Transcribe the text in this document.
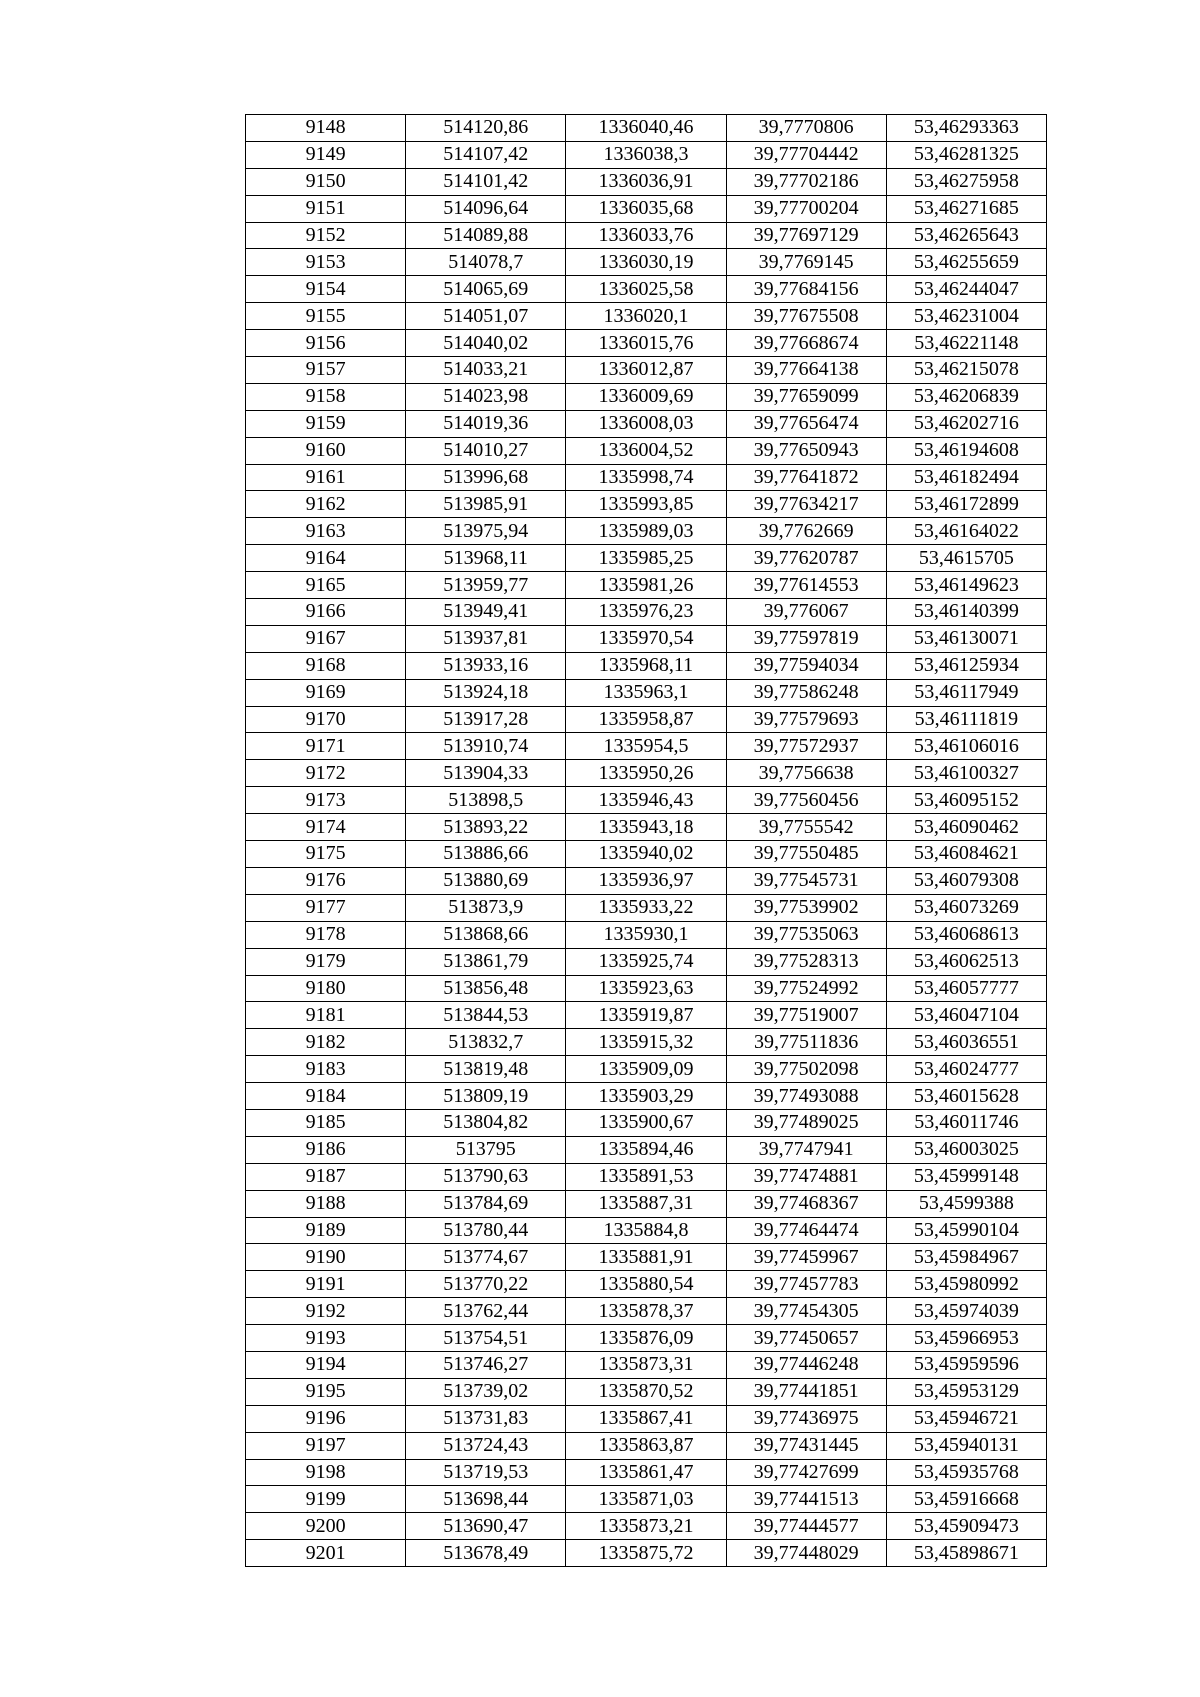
9148	514120,86	1336040,46	39,7770806	53,46293363
9149	514107,42	1336038,3	39,77704442	53,46281325
9150	514101,42	1336036,91	39,77702186	53,46275958
9151	514096,64	1336035,68	39,77700204	53,46271685
9152	514089,88	1336033,76	39,77697129	53,46265643
9153	514078,7	1336030,19	39,7769145	53,46255659
9154	514065,69	1336025,58	39,77684156	53,46244047
9155	514051,07	1336020,1	39,77675508	53,46231004
9156	514040,02	1336015,76	39,77668674	53,46221148
9157	514033,21	1336012,87	39,77664138	53,46215078
9158	514023,98	1336009,69	39,77659099	53,46206839
9159	514019,36	1336008,03	39,77656474	53,46202716
9160	514010,27	1336004,52	39,77650943	53,46194608
9161	513996,68	1335998,74	39,77641872	53,46182494
9162	513985,91	1335993,85	39,77634217	53,46172899
9163	513975,94	1335989,03	39,7762669	53,46164022
9164	513968,11	1335985,25	39,77620787	53,4615705
9165	513959,77	1335981,26	39,77614553	53,46149623
9166	513949,41	1335976,23	39,776067	53,46140399
9167	513937,81	1335970,54	39,77597819	53,46130071
9168	513933,16	1335968,11	39,77594034	53,46125934
9169	513924,18	1335963,1	39,77586248	53,46117949
9170	513917,28	1335958,87	39,77579693	53,46111819
9171	513910,74	1335954,5	39,77572937	53,46106016
9172	513904,33	1335950,26	39,7756638	53,46100327
9173	513898,5	1335946,43	39,77560456	53,46095152
9174	513893,22	1335943,18	39,7755542	53,46090462
9175	513886,66	1335940,02	39,77550485	53,46084621
9176	513880,69	1335936,97	39,77545731	53,46079308
9177	513873,9	1335933,22	39,77539902	53,46073269
9178	513868,66	1335930,1	39,77535063	53,46068613
9179	513861,79	1335925,74	39,77528313	53,46062513
9180	513856,48	1335923,63	39,77524992	53,46057777
9181	513844,53	1335919,87	39,77519007	53,46047104
9182	513832,7	1335915,32	39,77511836	53,46036551
9183	513819,48	1335909,09	39,77502098	53,46024777
9184	513809,19	1335903,29	39,77493088	53,46015628
9185	513804,82	1335900,67	39,77489025	53,46011746
9186	513795	1335894,46	39,7747941	53,46003025
9187	513790,63	1335891,53	39,77474881	53,45999148
9188	513784,69	1335887,31	39,77468367	53,4599388
9189	513780,44	1335884,8	39,77464474	53,45990104
9190	513774,67	1335881,91	39,77459967	53,45984967
9191	513770,22	1335880,54	39,77457783	53,45980992
9192	513762,44	1335878,37	39,77454305	53,45974039
9193	513754,51	1335876,09	39,77450657	53,45966953
9194	513746,27	1335873,31	39,77446248	53,45959596
9195	513739,02	1335870,52	39,77441851	53,45953129
9196	513731,83	1335867,41	39,77436975	53,45946721
9197	513724,43	1335863,87	39,77431445	53,45940131
9198	513719,53	1335861,47	39,77427699	53,45935768
9199	513698,44	1335871,03	39,77441513	53,45916668
9200	513690,47	1335873,21	39,77444577	53,45909473
9201	513678,49	1335875,72	39,77448029	53,45898671
